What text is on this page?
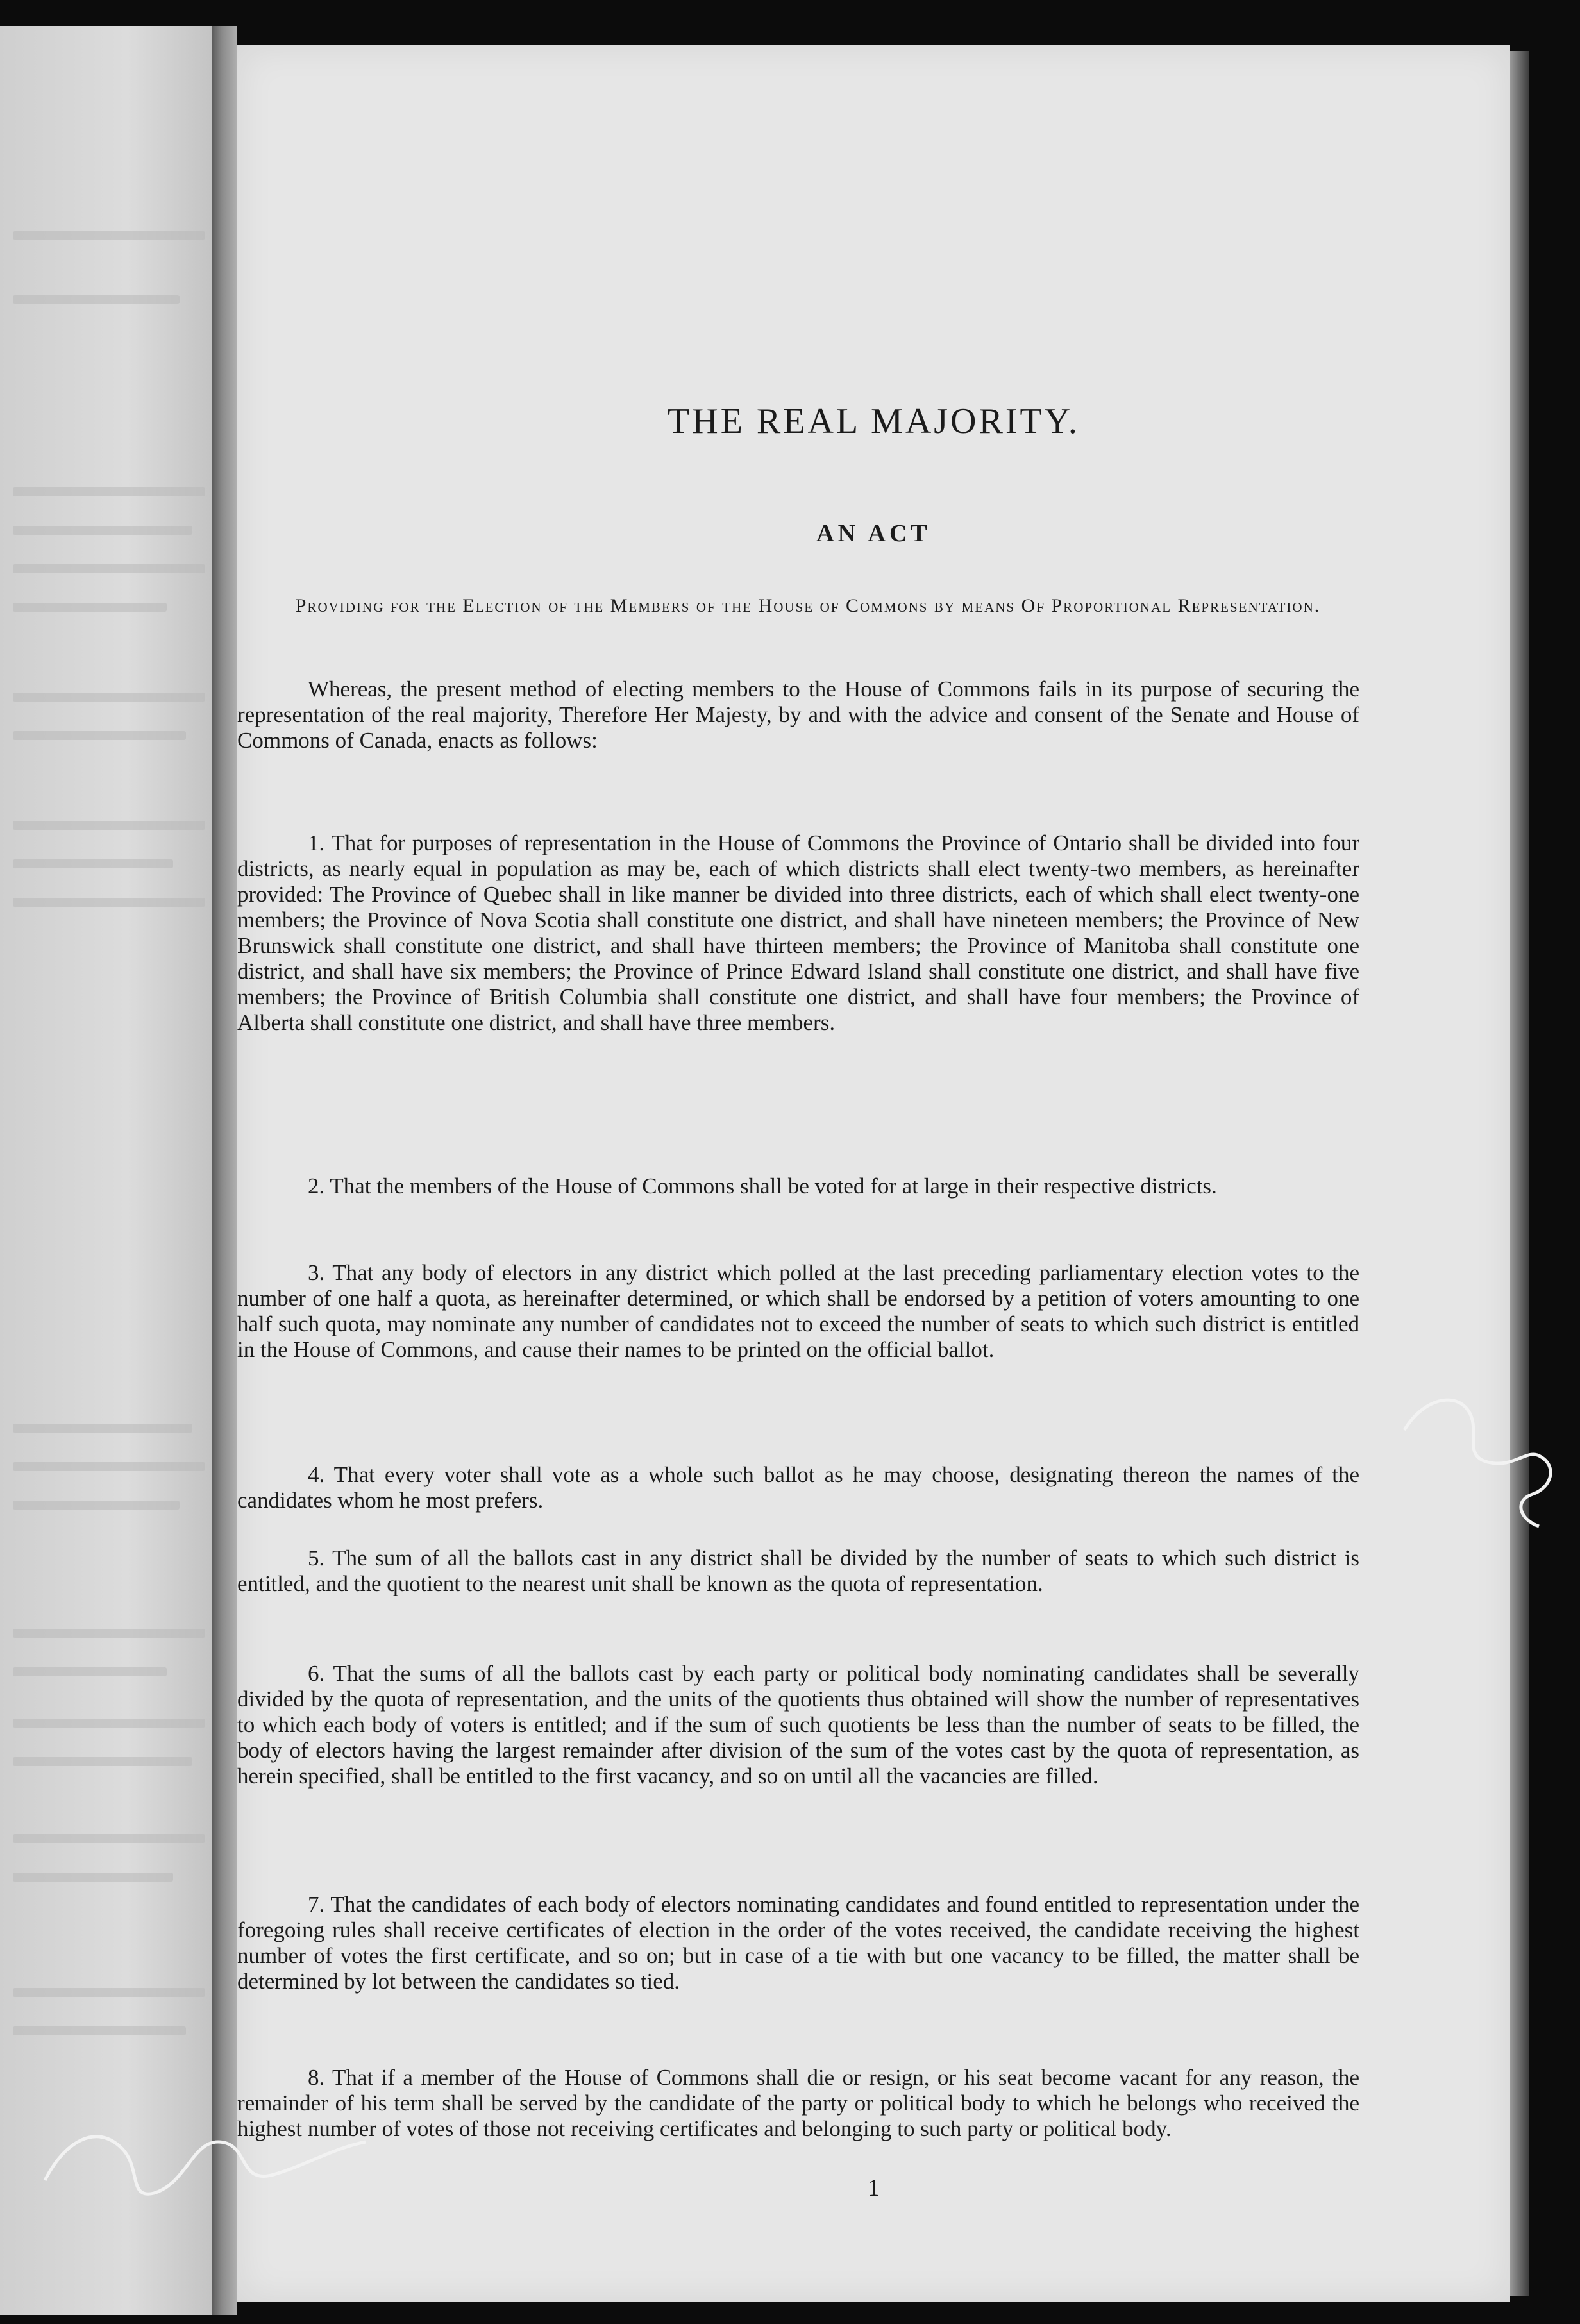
THE REAL MAJORITY.
AN ACT
Providing for the Election of the Members of the House of Commons by means Of Proportional Representation.
Whereas, the present method of electing members to the House of Commons fails in its purpose of securing the representation of the real majority, Therefore Her Majesty, by and with the advice and consent of the Senate and House of Commons of Canada, enacts as follows:
1. That for purposes of representation in the House of Commons the Province of Ontario shall be divided into four districts, as nearly equal in population as may be, each of which districts shall elect twenty-two members, as hereinafter provided: The Province of Quebec shall in like manner be divided into three districts, each of which shall elect twenty-one members; the Province of Nova Scotia shall constitute one district, and shall have nineteen members; the Province of New Brunswick shall constitute one district, and shall have thirteen members; the Province of Manitoba shall constitute one district, and shall have six members; the Province of Prince Edward Island shall constitute one district, and shall have five members; the Province of British Columbia shall constitute one district, and shall have four members; the Province of Alberta shall constitute one district, and shall have three members.
2. That the members of the House of Commons shall be voted for at large in their respective districts.
3. That any body of electors in any district which polled at the last preceding parliamentary election votes to the number of one half a quota, as hereinafter determined, or which shall be endorsed by a petition of voters amounting to one half such quota, may nominate any number of candidates not to exceed the number of seats to which such district is entitled in the House of Commons, and cause their names to be printed on the official ballot.
4. That every voter shall vote as a whole such ballot as he may choose, designating thereon the names of the candidates whom he most prefers.
5. The sum of all the ballots cast in any district shall be divided by the number of seats to which such district is entitled, and the quotient to the nearest unit shall be known as the quota of representation.
6. That the sums of all the ballots cast by each party or political body nominating candidates shall be severally divided by the quota of representation, and the units of the quotients thus obtained will show the number of representatives to which each body of voters is entitled; and if the sum of such quotients be less than the number of seats to be filled, the body of electors having the largest remainder after division of the sum of the votes cast by the quota of representation, as herein specified, shall be entitled to the first vacancy, and so on until all the vacancies are filled.
7. That the candidates of each body of electors nominating candidates and found entitled to representation under the foregoing rules shall receive certificates of election in the order of the votes received, the candidate receiving the highest number of votes the first certificate, and so on; but in case of a tie with but one vacancy to be filled, the matter shall be determined by lot between the candidates so tied.
8. That if a member of the House of Commons shall die or resign, or his seat become vacant for any reason, the remainder of his term shall be served by the candidate of the party or political body to which he belongs who received the highest number of votes of those not receiving certificates and belonging to such party or political body.
1
